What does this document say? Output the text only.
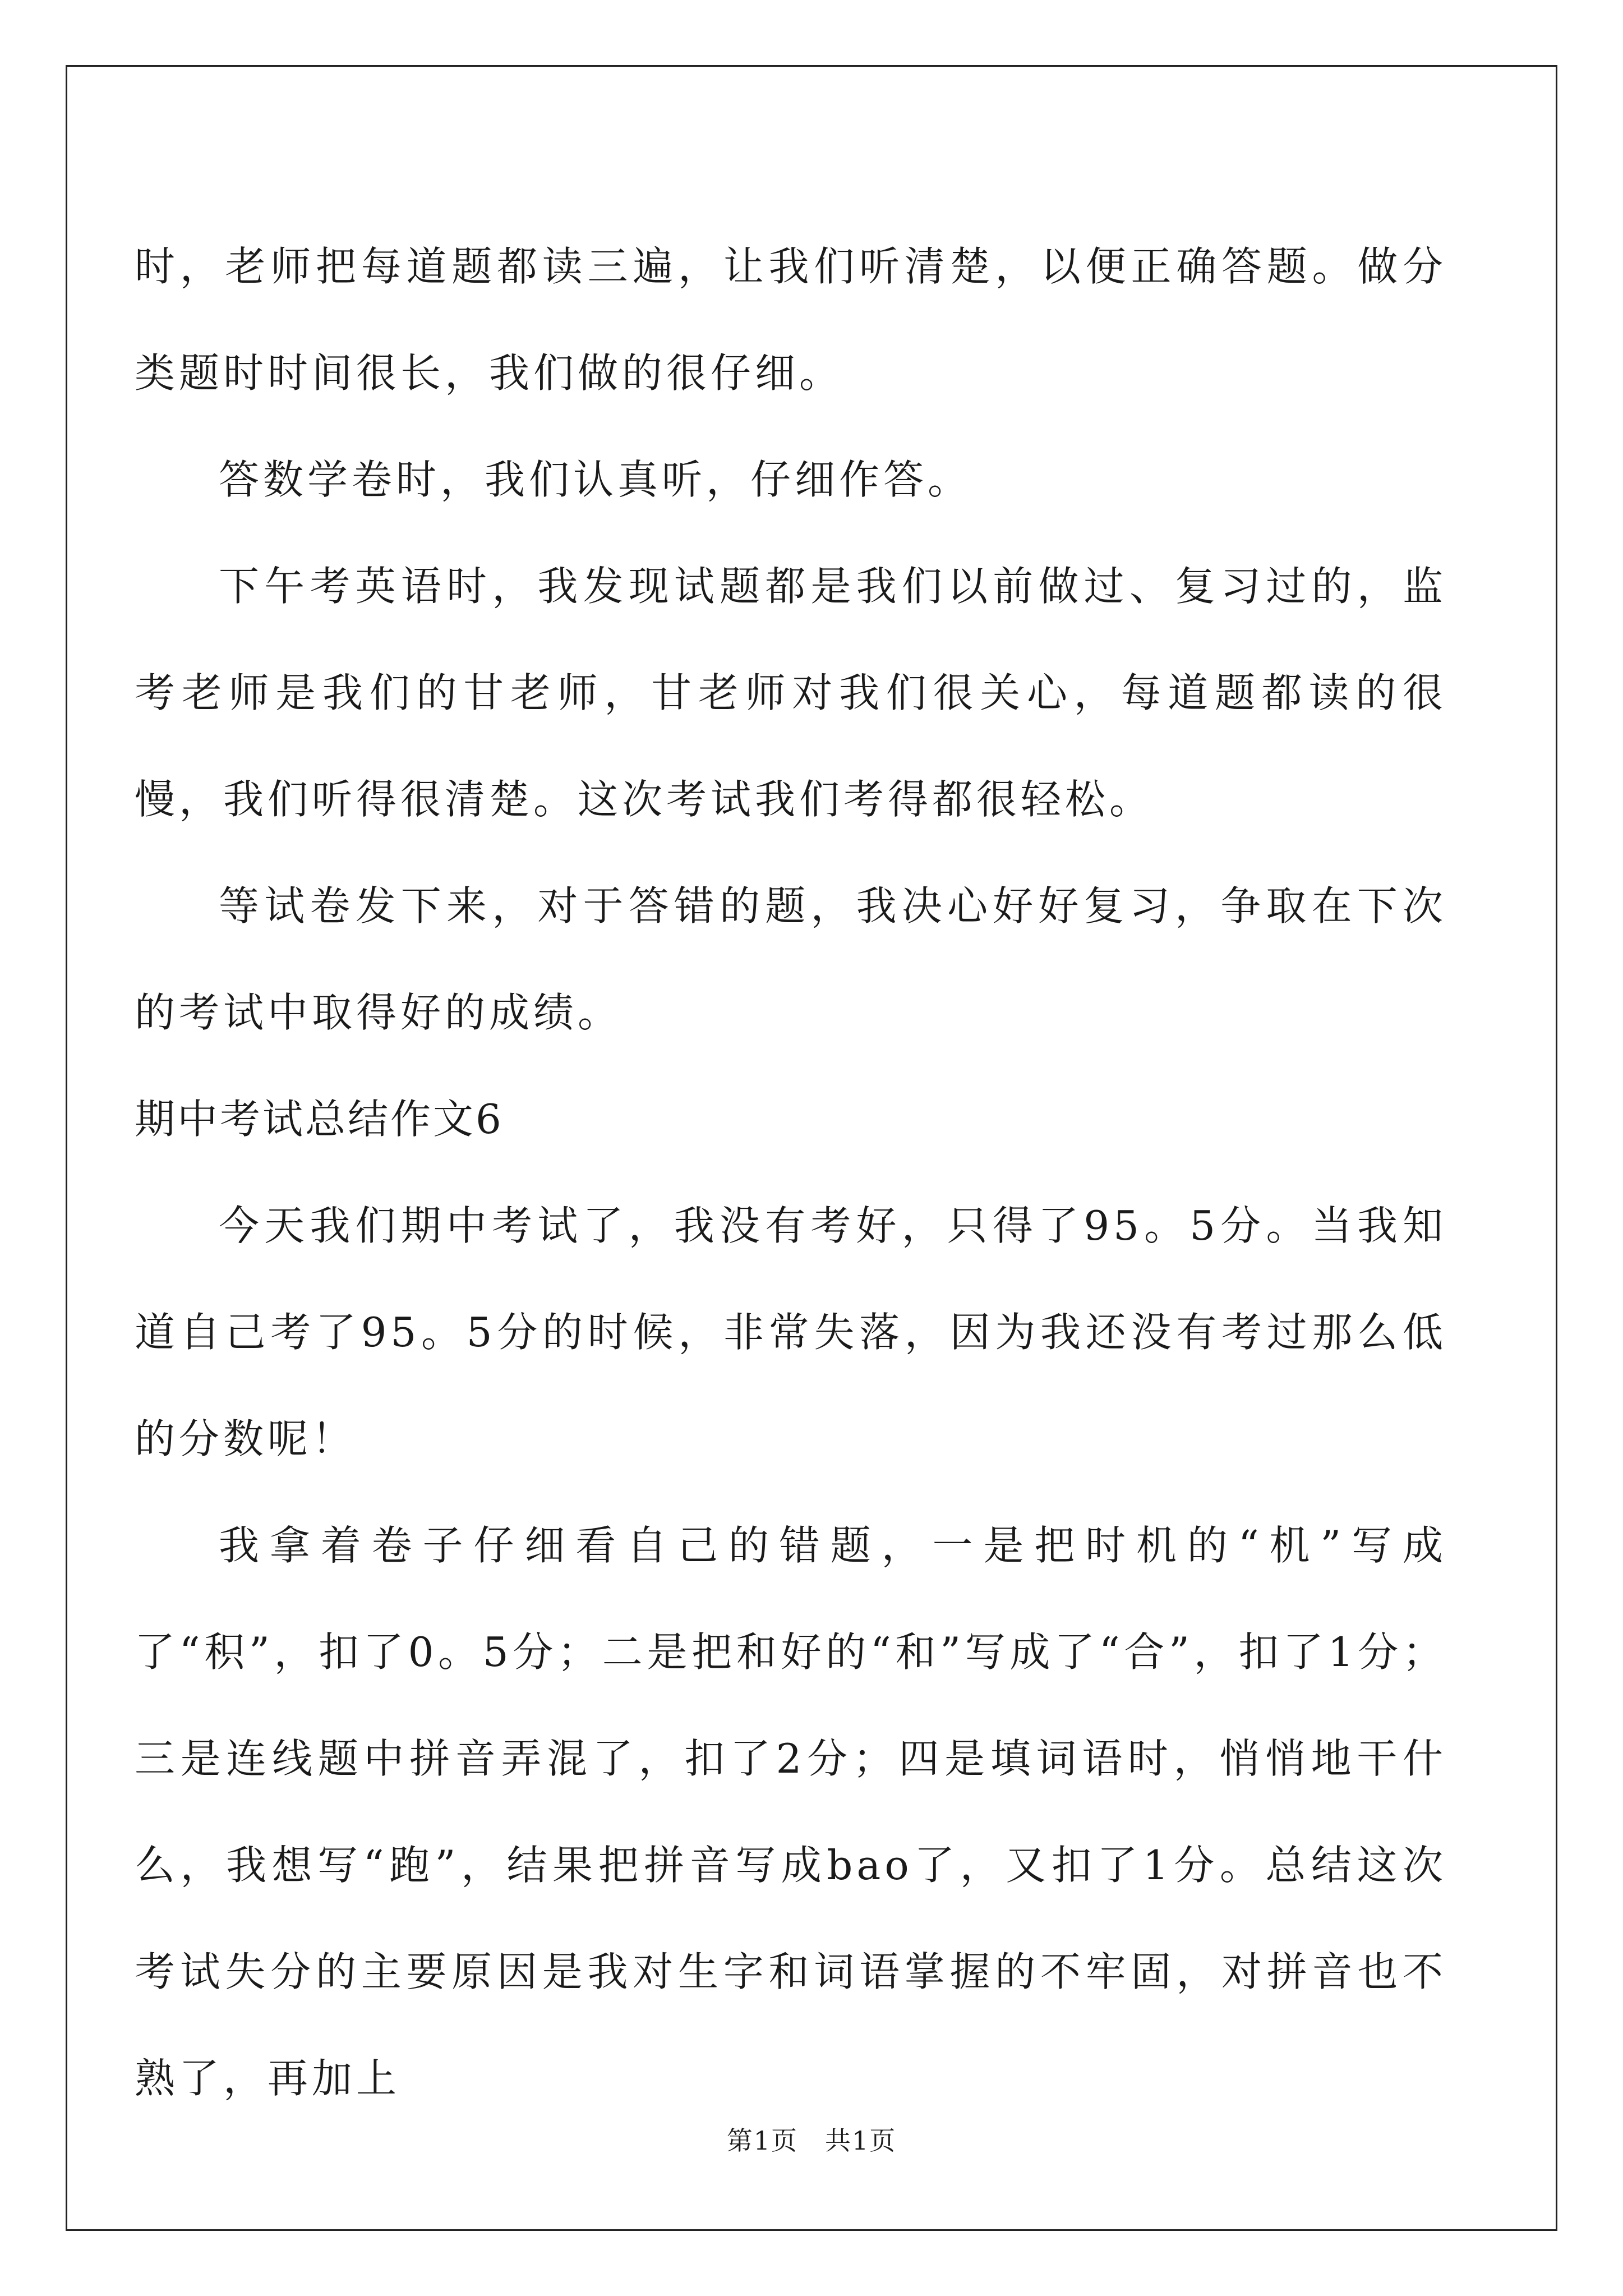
时，老师把每道题都读三遍，让我们听清楚，以便正确答题。做分类题时时间很长，我们做的很仔细。

答数学卷时，我们认真听，仔细作答。

下午考英语时，我发现试题都是我们以前做过、复习过的，监考老师是我们的甘老师，甘老师对我们很关心，每道题都读的很慢，我们听得很清楚。这次考试我们考得都很轻松。

等试卷发下来，对于答错的题，我决心好好复习，争取在下次的考试中取得好的成绩。

期中考试总结作文6

今天我们期中考试了，我没有考好，只得了95。5分。当我知道自己考了95。5分的时候，非常失落，因为我还没有考过那么低的分数呢！

我拿着卷子仔细看自己的错题，一是把时机的“机”写成了“积”，扣了0。5分；二是把和好的“和”写成了“合”，扣了1分；三是连线题中拼音弄混了，扣了2分；四是填词语时，悄悄地干什么，我想写“跑”，结果把拼音写成bao了，又扣了1分。总结这次考试失分的主要原因是我对生字和词语掌握的不牢固，对拼音也不熟了，再加上

第1页　共1页
